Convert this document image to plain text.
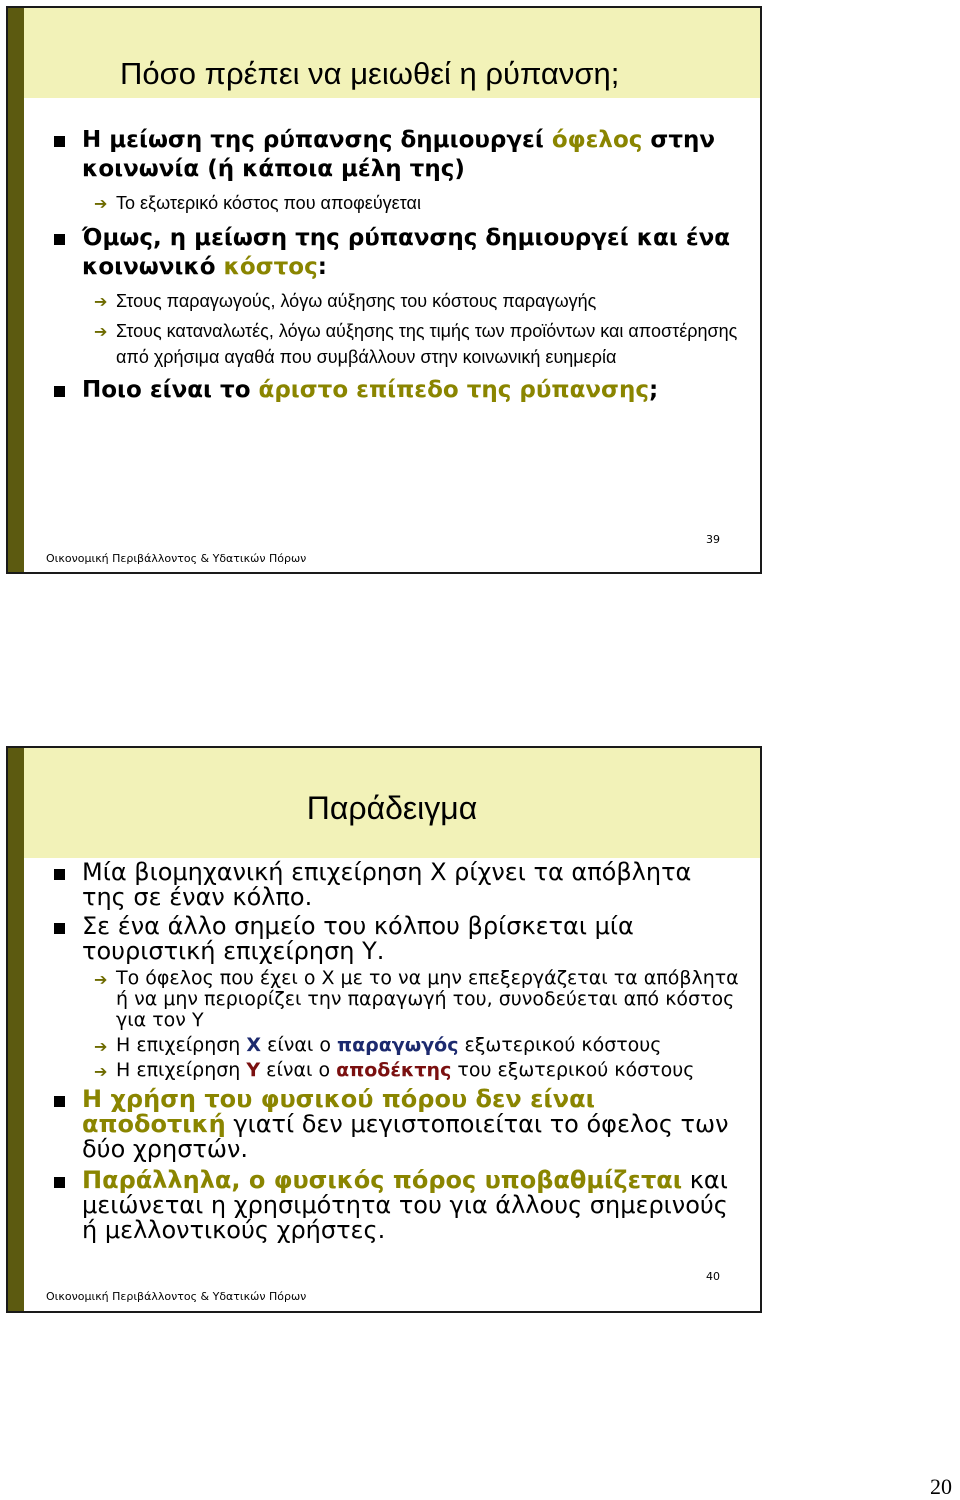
Πόσο πρέπει να μειωθεί η ρύπανση;

Η μείωση της ρύπανσης δημιουργεί όφελος στην κοινωνία (ή κάποια μέλη της)

➔ Το εξωτερικό κόστος που αποφεύγεται

Όμως, η μείωση της ρύπανσης δημιουργεί και ένα κοινωνικό κόστος:

➔ Στους παραγωγούς, λόγω αύξησης του κόστους παραγωγής

➔ Στους καταναλωτές, λόγω αύξησης της τιμής των προϊόντων και αποστέρησης από χρήσιμα αγαθά που συμβάλλουν στην κοινωνική ευημερία

Ποιο είναι το άριστο επίπεδο της ρύπανσης;

Οικονομική Περιβάλλοντος & Υδατικών Πόρων
39
Παράδειγμα

Μία βιομηχανική επιχείρηση Χ ρίχνει τα απόβλητα της σε έναν κόλπο.

Σε ένα άλλο σημείο του κόλπου βρίσκεται μία τουριστική επιχείρηση Υ.

➔ Το όφελος που έχει ο Χ με το να μην επεξεργάζεται τα απόβλητα ή να μην περιορίζει την παραγωγή του, συνοδεύεται από κόστος για τον Υ

➔ Η επιχείρηση Χ είναι ο παραγωγός εξωτερικού κόστους

➔ Η επιχείρηση Υ είναι ο αποδέκτης του εξωτερικού κόστους

Η χρήση του φυσικού πόρου δεν είναι αποδοτική γιατί δεν μεγιστοποιείται το όφελος των δύο χρηστών.

Παράλληλα, ο φυσικός πόρος υποβαθμίζεται και μειώνεται η χρησιμότητα του για άλλους σημερινούς ή μελλοντικούς χρήστες.

Οικονομική Περιβάλλοντος & Υδατικών Πόρων
40
20
